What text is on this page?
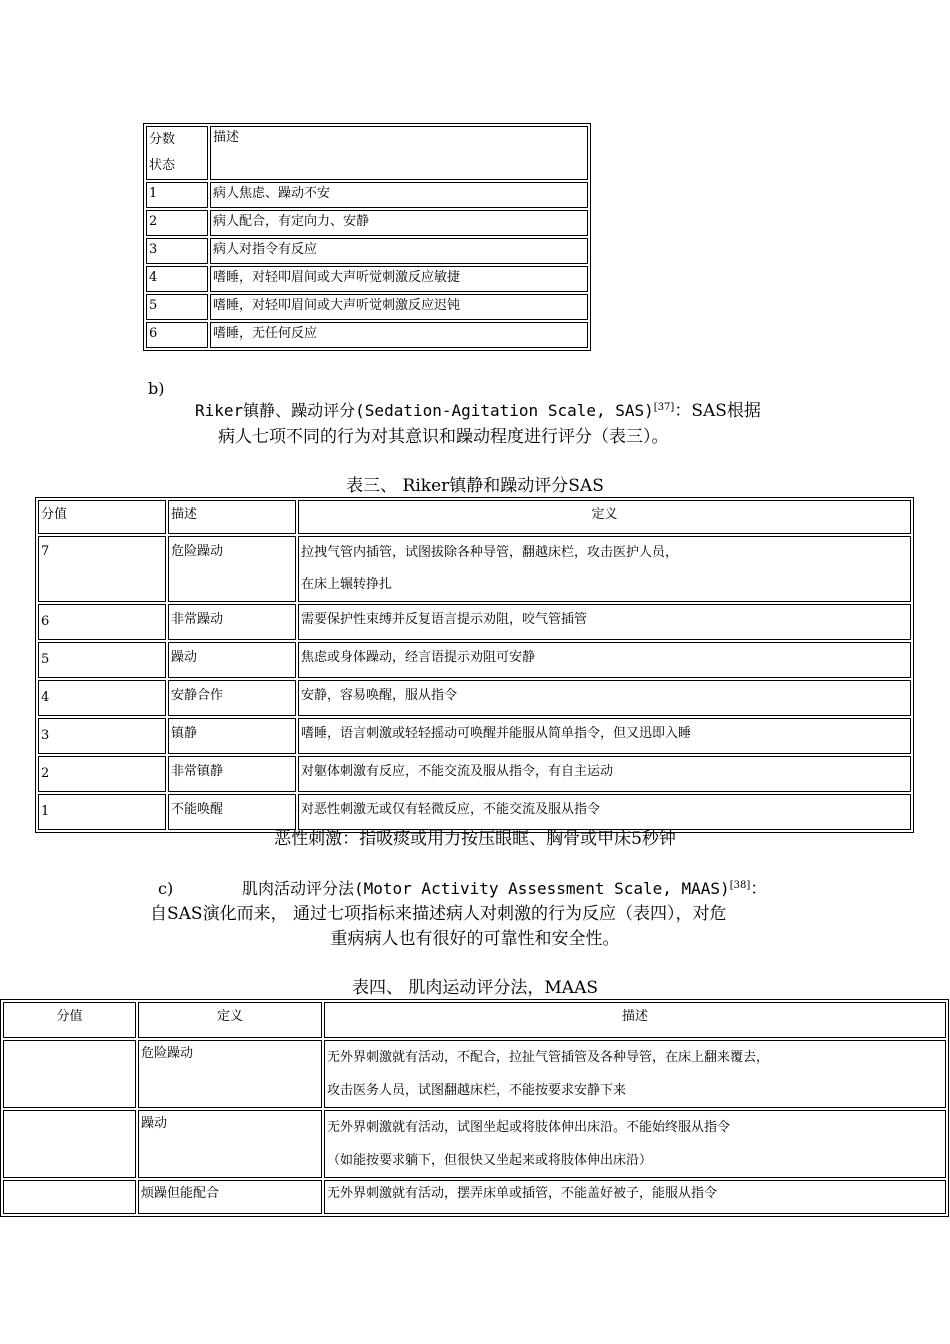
分数
状态	描述
1	病人焦虑、躁动不安
2	病人配合，有定向力、安静
3	病人对指令有反应
4	嗜睡，对轻叩眉间或大声听觉刺激反应敏捷
5	嗜睡，对轻叩眉间或大声听觉刺激反应迟钝
6	嗜睡，无任何反应
b)
Riker镇静、躁动评分(Sedation-Agitation Scale, SAS)[37]：SAS根据
病人七项不同的行为对其意识和躁动程度进行评分（表三）。
表三、 Riker镇静和躁动评分SAS
分值	描述	定义
7	危险躁动	拉拽气管内插管，试图拔除各种导管，翻越床栏，攻击医护人员，
在床上辗转挣扎

6	非常躁动	需要保护性束缚并反复语言提示劝阻，咬气管插管
5	躁动	焦虑或身体躁动，经言语提示劝阻可安静
4	安静合作	安静，容易唤醒，服从指令
3	镇静	嗜睡，语言刺激或轻轻摇动可唤醒并能服从简单指令，但又迅即入睡
2	非常镇静	对躯体刺激有反应，不能交流及服从指令，有自主运动
1	不能唤醒	对恶性刺激无或仅有轻微反应，不能交流及服从指令
恶性刺激：指吸痰或用力按压眼眶、胸骨或甲床5秒钟
c)	肌肉活动评分法(Motor Activity Assessment Scale, MAAS)[38]：
自SAS演化而来， 通过七项指标来描述病人对刺激的行为反应（表四），对危
重病病人也有很好的可靠性和安全性。
表四、 肌肉运动评分法，MAAS
分值	定义	描述
	危险躁动	无外界刺激就有活动，不配合，拉扯气管插管及各种导管，在床上翻来覆去，
攻击医务人员，试图翻越床栏，不能按要求安静下来

	躁动	无外界刺激就有活动，试图坐起或将肢体伸出床沿。不能始终服从指令
（如能按要求躺下，但很快又坐起来或将肢体伸出床沿）

	烦躁但能配合	无外界刺激就有活动，摆弄床单或插管，不能盖好被子，能服从指令
